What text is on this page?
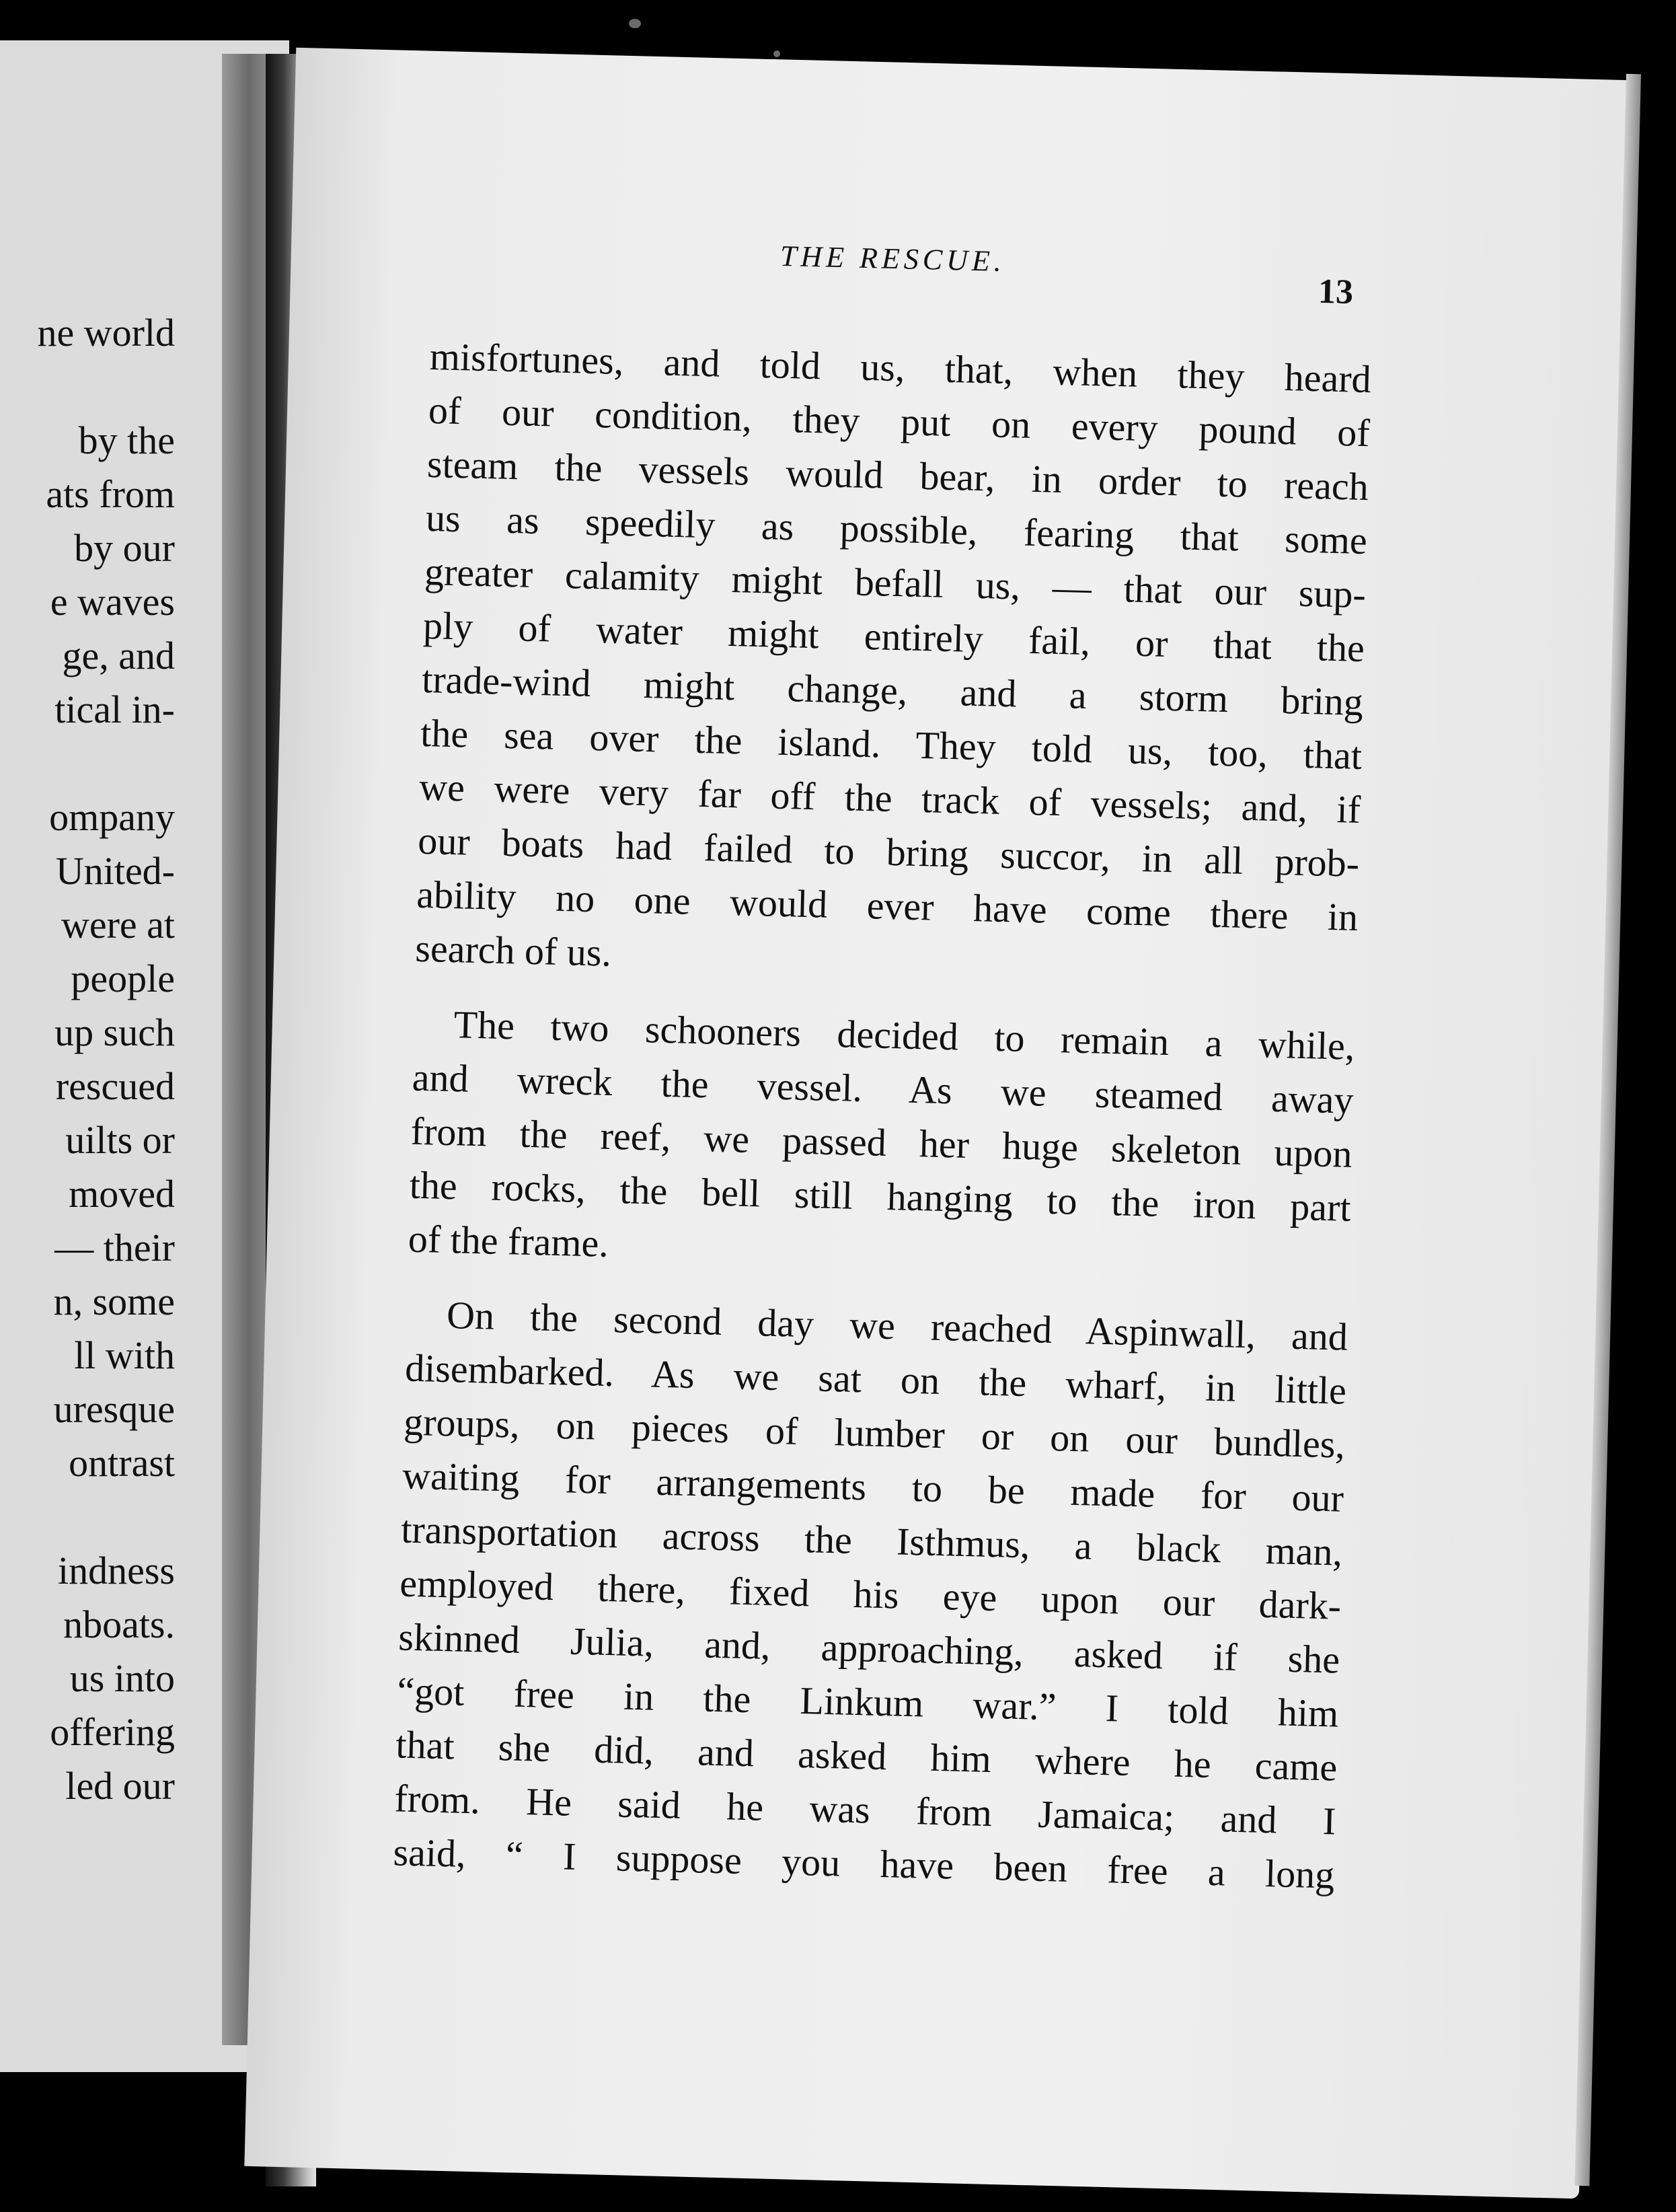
ne world
by the
ats from
by our
e waves
ge, and
tical in-
ompany
United-
were at
people
up such
rescued
uilts or
moved
— their
n, some
ll with
uresque
ontrast
indness
nboats.
us into
offering
led our
THE RESCUE.
13
misfortunes, and told us, that, when they heard
of our condition, they put on every pound of
steam the vessels would bear, in order to reach
us as speedily as possible, fearing that some
greater calamity might befall us, — that our sup-
ply of water might entirely fail, or that the
trade-wind might change, and a storm bring
the sea over the island. They told us, too, that
we were very far off the track of vessels; and, if
our boats had failed to bring succor, in all prob-
ability no one would ever have come there in
search of us.
The two schooners decided to remain a while,
and wreck the vessel. As we steamed away
from the reef, we passed her huge skeleton upon
the rocks, the bell still hanging to the iron part
of the frame.
On the second day we reached Aspinwall, and
disembarked. As we sat on the wharf, in little
groups, on pieces of lumber or on our bundles,
waiting for arrangements to be made for our
transportation across the Isthmus, a black man,
employed there, fixed his eye upon our dark-
skinned Julia, and, approaching, asked if she
“got free in the Linkum war.” I told him
that she did, and asked him where he came
from. He said he was from Jamaica; and I
said, “ I suppose you have been free a long
